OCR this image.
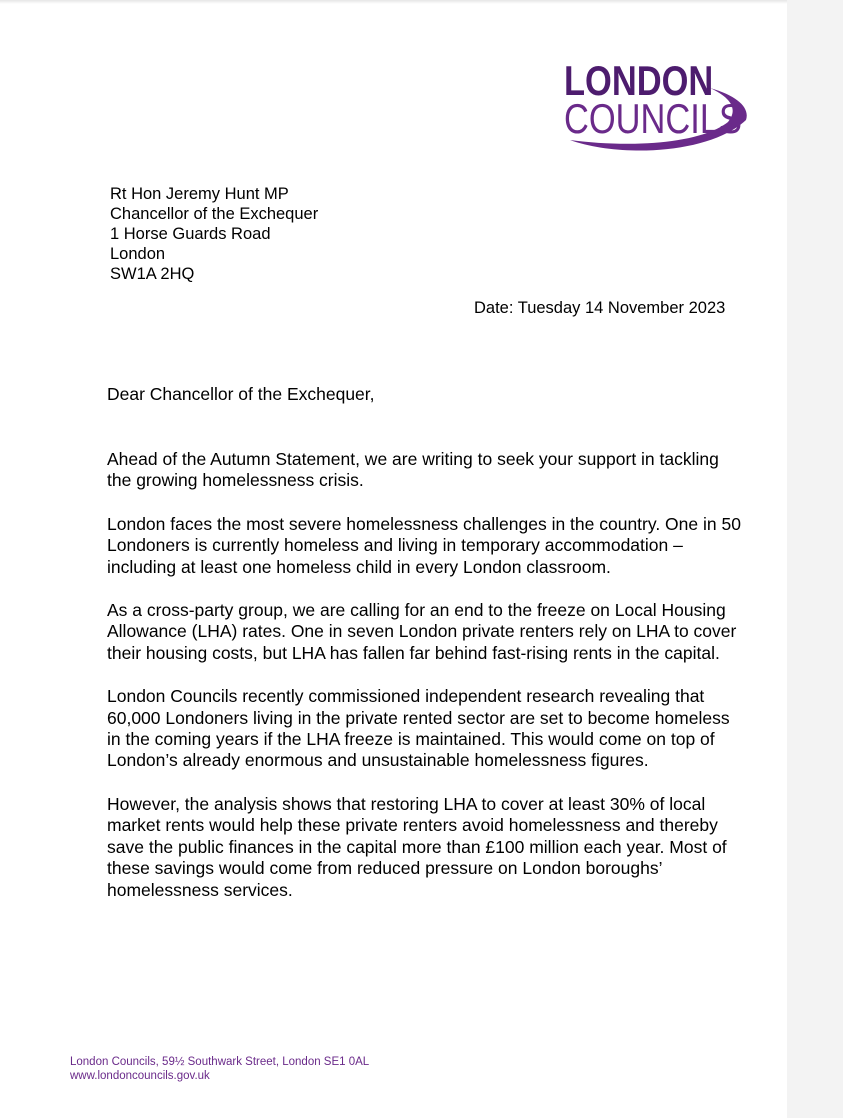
LONDON
COUNCILS
Rt Hon Jeremy Hunt MP
Chancellor of the Exchequer
1 Horse Guards Road
London
SW1A 2HQ
Date: Tuesday 14 November 2023
Dear Chancellor of the Exchequer,

Ahead of the Autumn Statement, we are writing to seek your support in tackling the growing homelessness crisis.

London faces the most severe homelessness challenges in the country. One in 50 Londoners is currently homeless and living in temporary accommodation – including at least one homeless child in every London classroom.

As a cross-party group, we are calling for an end to the freeze on Local Housing Allowance (LHA) rates. One in seven London private renters rely on LHA to cover their housing costs, but LHA has fallen far behind fast-rising rents in the capital.

London Councils recently commissioned independent research revealing that 60,000 Londoners living in the private rented sector are set to become homeless in the coming years if the LHA freeze is maintained. This would come on top of London’s already enormous and unsustainable homelessness figures.

However, the analysis shows that restoring LHA to cover at least 30% of local market rents would help these private renters avoid homelessness and thereby save the public finances in the capital more than £100 million each year. Most of these savings would come from reduced pressure on London boroughs’ homelessness services.

London Councils, 59½ Southwark Street, London SE1 0AL
www.londoncouncils.gov.uk
